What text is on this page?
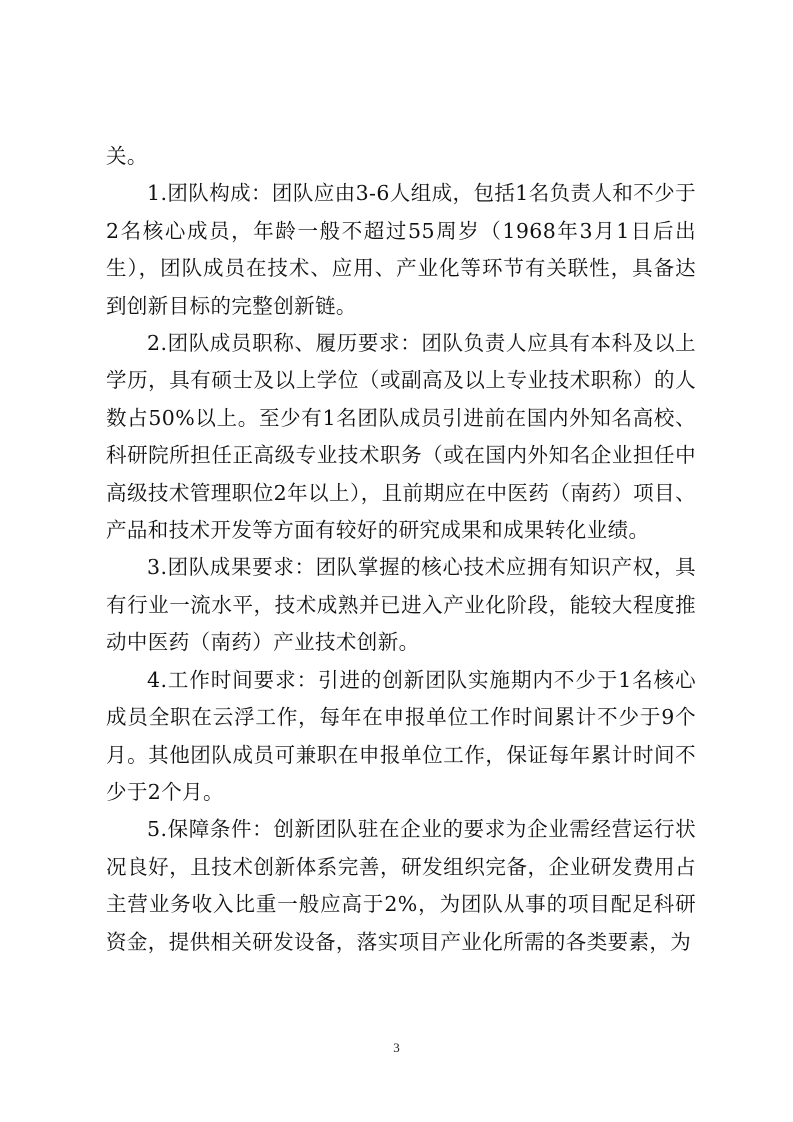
关。

1.团队构成：团队应由3-6人组成，包括1名负责人和不少于2名核心成员，年龄一般不超过55周岁（1968年3月1日后出生），团队成员在技术、应用、产业化等环节有关联性，具备达到创新目标的完整创新链。

2.团队成员职称、履历要求：团队负责人应具有本科及以上学历，具有硕士及以上学位（或副高及以上专业技术职称）的人数占50%以上。至少有1名团队成员引进前在国内外知名高校、科研院所担任正高级专业技术职务（或在国内外知名企业担任中高级技术管理职位2年以上），且前期应在中医药（南药）项目、产品和技术开发等方面有较好的研究成果和成果转化业绩。

3.团队成果要求：团队掌握的核心技术应拥有知识产权，具有行业一流水平，技术成熟并已进入产业化阶段，能较大程度推动中医药（南药）产业技术创新。

4.工作时间要求：引进的创新团队实施期内不少于1名核心成员全职在云浮工作，每年在申报单位工作时间累计不少于9个月。其他团队成员可兼职在申报单位工作，保证每年累计时间不少于2个月。

5.保障条件：创新团队驻在企业的要求为企业需经营运行状况良好，且技术创新体系完善，研发组织完备，企业研发费用占主营业务收入比重一般应高于2%，为团队从事的项目配足科研资金，提供相关研发设备，落实项目产业化所需的各类要素，为

3
